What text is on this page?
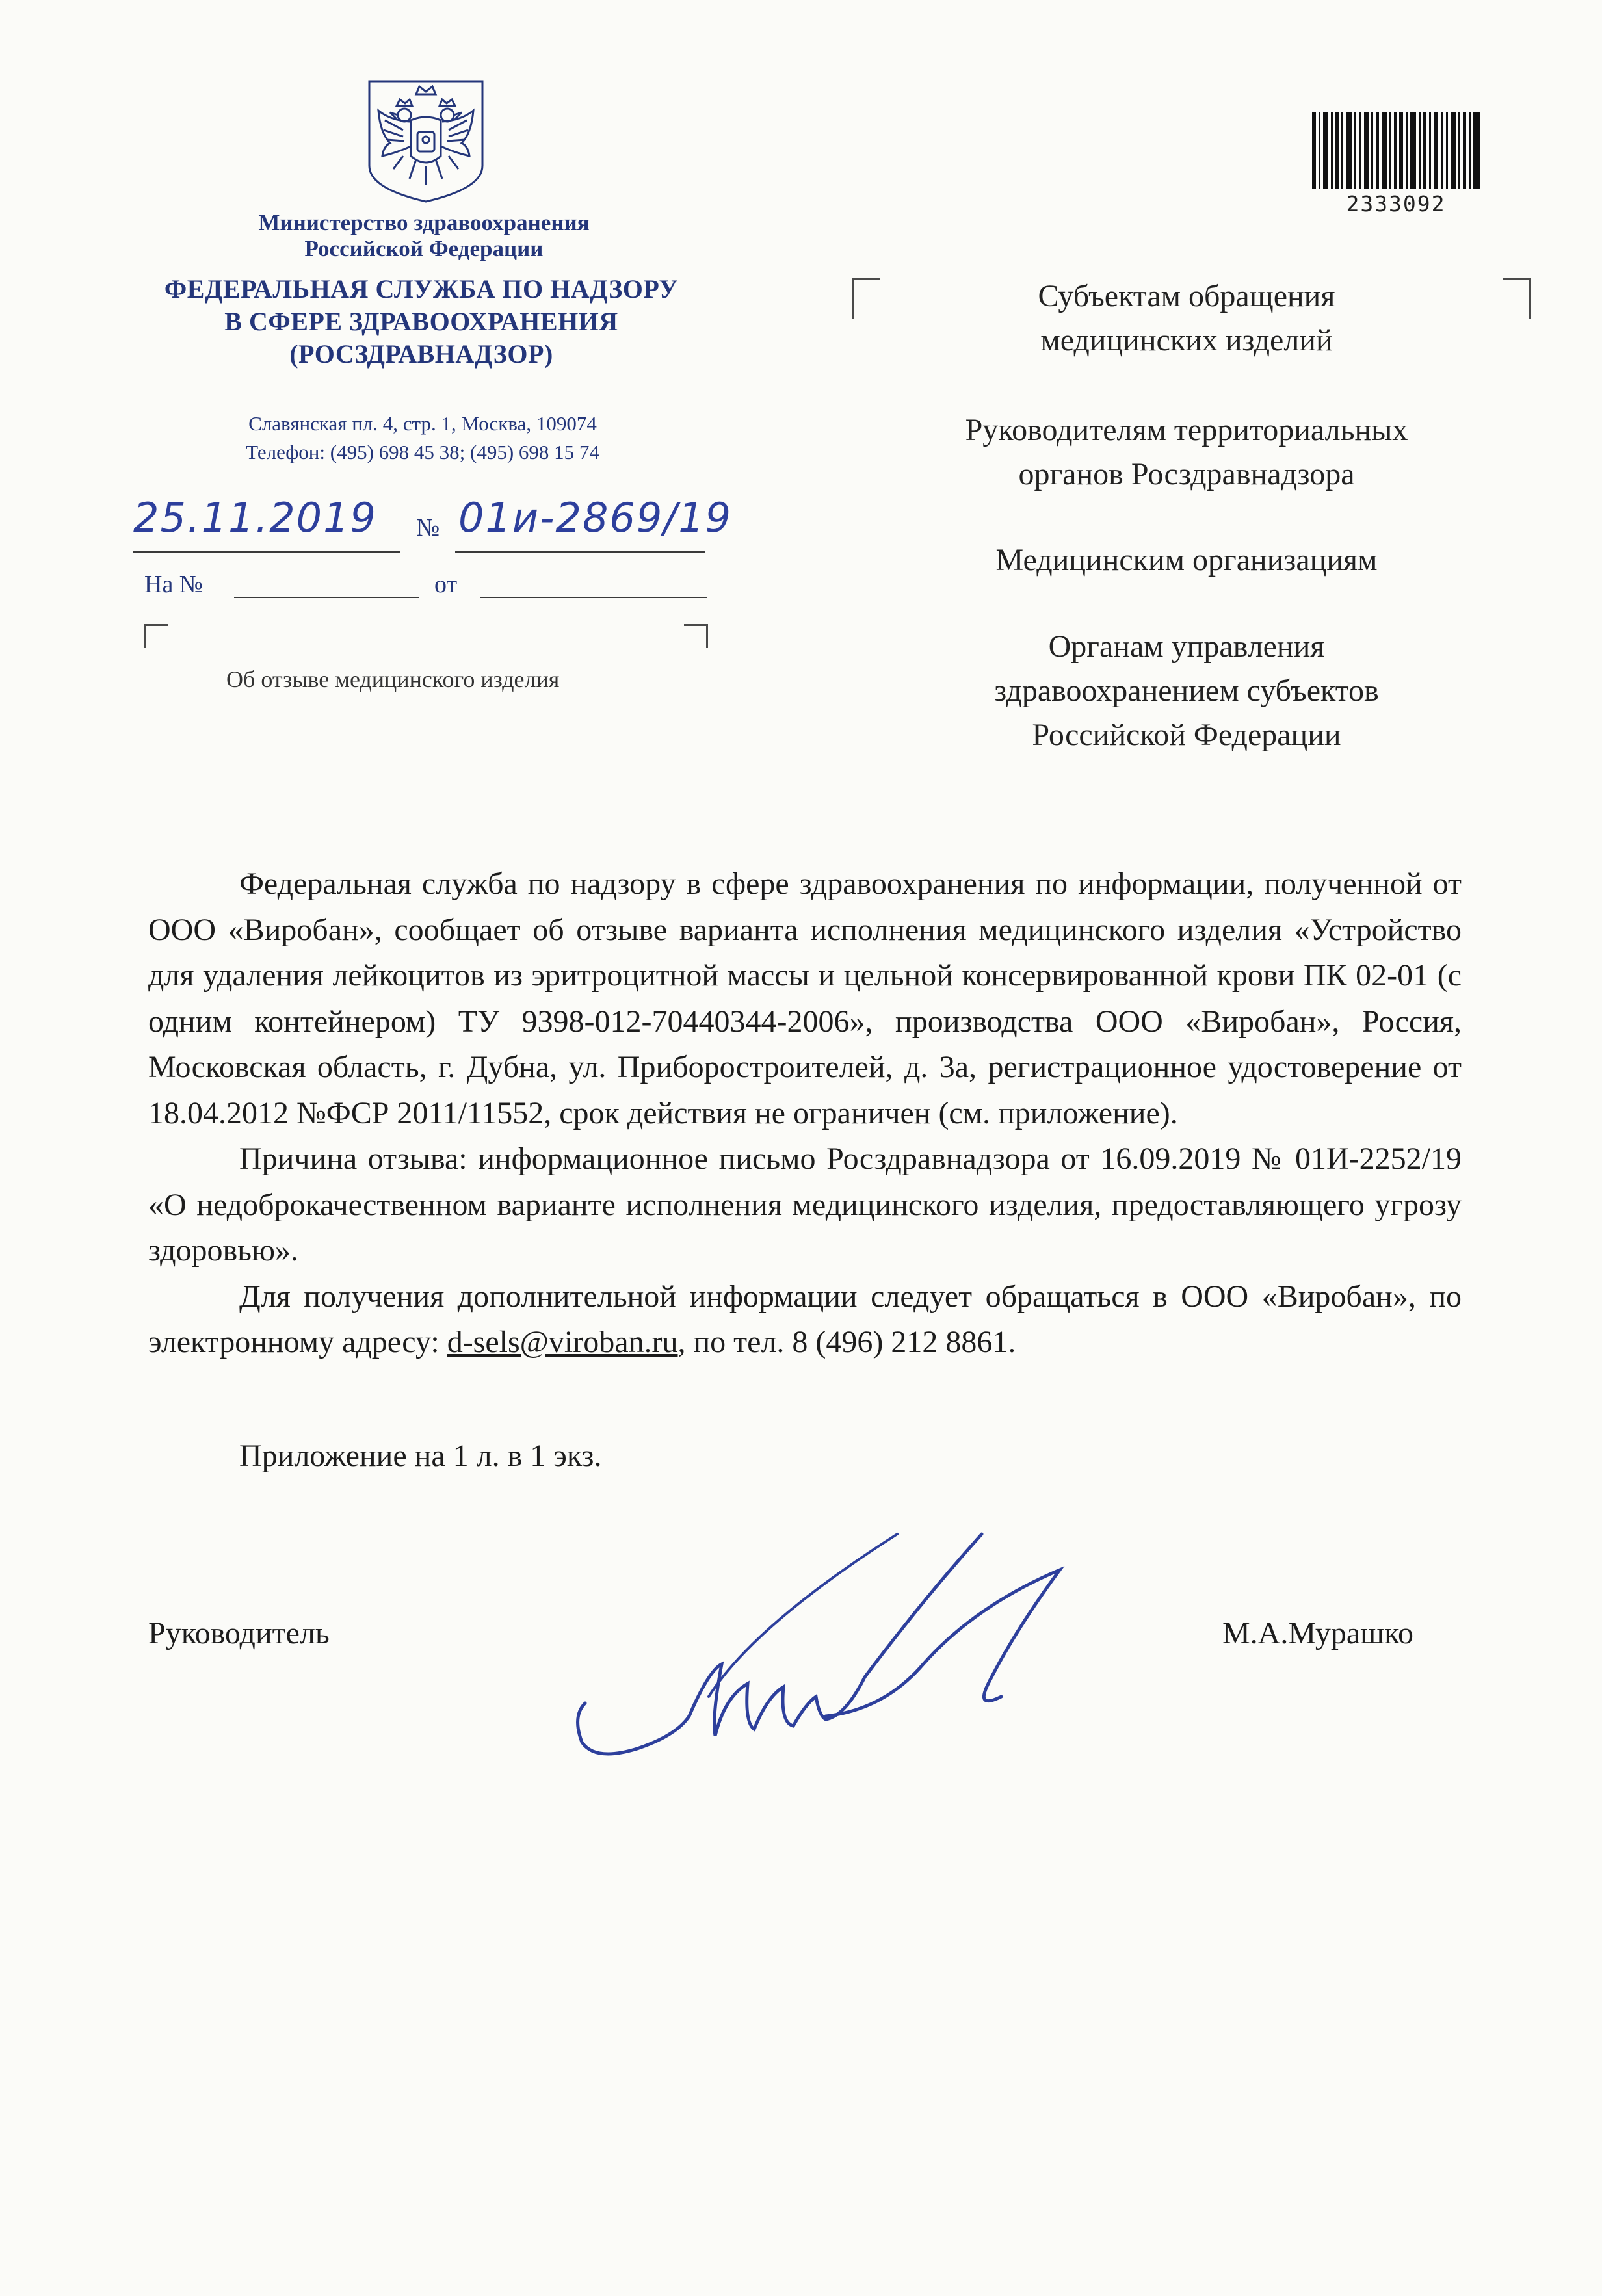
Министерство здравоохранения
Российской Федерации
ФЕДЕРАЛЬНАЯ СЛУЖБА ПО НАДЗОРУ
В СФЕРЕ ЗДРАВООХРАНЕНИЯ
(РОСЗДРАВНАДЗОР)
Славянская пл. 4, стр. 1, Москва, 109074
Телефон: (495) 698 45 38; (495) 698 15 74
25.11.2019 № 01и-2869/19
На №	от
Об отзыве медицинского изделия
2333092
Субъектам обращения
медицинских изделий
Руководителям территориальных
органов Росздравнадзора
Медицинским организациям
Органам управления
здравоохранением субъектов
Российской Федерации

Федеральная служба по надзору в сфере здравоохранения по информации, полученной от ООО «Виробан», сообщает об отзыве варианта исполнения медицинского изделия «Устройство для удаления лейкоцитов из эритроцитной массы и цельной консервированной крови ПК 02-01 (с одним контейнером) ТУ 9398-012-70440344-2006», производства ООО «Виробан», Россия, Московская область, г. Дубна, ул. Приборостроителей, д. 3а, регистрационное удостоверение от 18.04.2012 №ФСР 2011/11552, срок действия не ограничен (см. приложение).

Причина отзыва: информационное письмо Росздравнадзора от 16.09.2019 № 01И-2252/19 «О недоброкачественном варианте исполнения медицинского изделия, предоставляющего угрозу здоровью».

Для получения дополнительной информации следует обращаться в ООО «Виробан», по электронному адресу: d-sels@viroban.ru, по тел. 8 (496) 212 8861.

Приложение на 1 л. в 1 экз.
Руководитель	М.А.Мурашко
